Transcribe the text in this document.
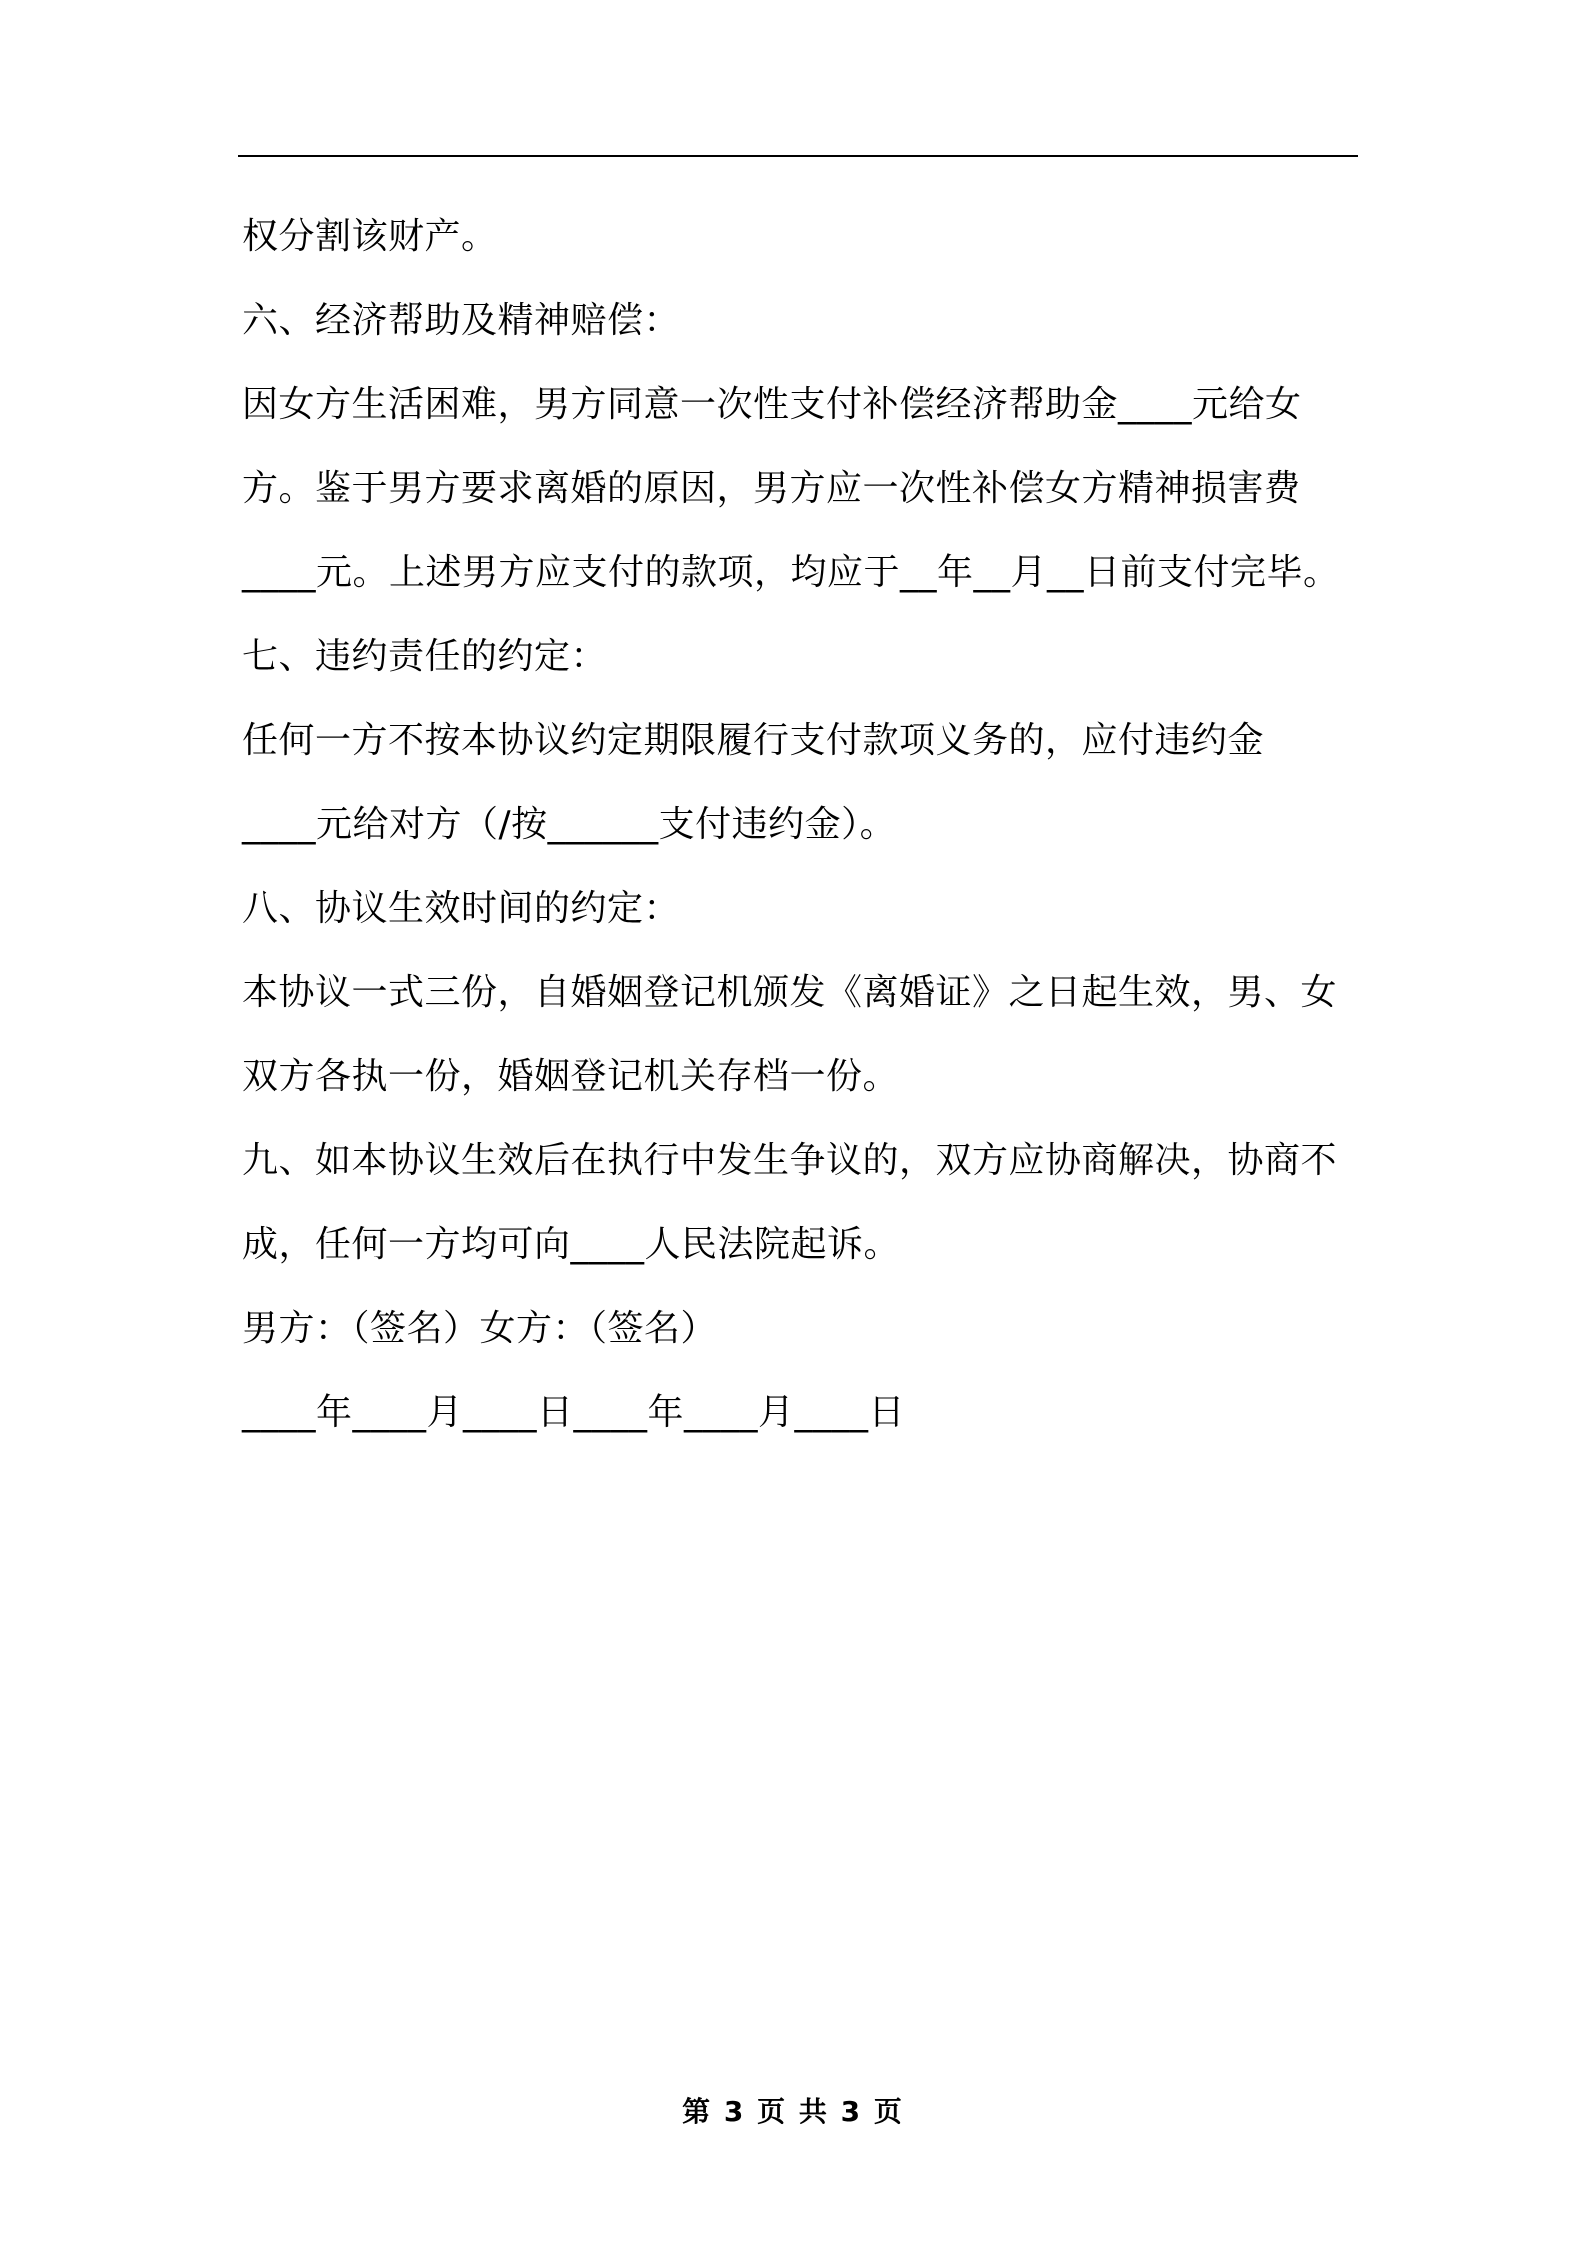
权分割该财产。
六、经济帮助及精神赔偿：
因女方生活困难，男方同意一次性支付补偿经济帮助金____元给女
方。鉴于男方要求离婚的原因，男方应一次性补偿女方精神损害费
____元。上述男方应支付的款项，均应于__年__月__日前支付完毕。
七、违约责任的约定：
任何一方不按本协议约定期限履行支付款项义务的，应付违约金
____元给对方（/按______支付违约金）。
八、协议生效时间的约定：
本协议一式三份，自婚姻登记机颁发《离婚证》之日起生效，男、女
双方各执一份，婚姻登记机关存档一份。
九、如本协议生效后在执行中发生争议的，双方应协商解决，协商不
成，任何一方均可向____人民法院起诉。
男方：（签名）女方：（签名）
____年____月____日____年____月____日
第 3 页 共 3 页
